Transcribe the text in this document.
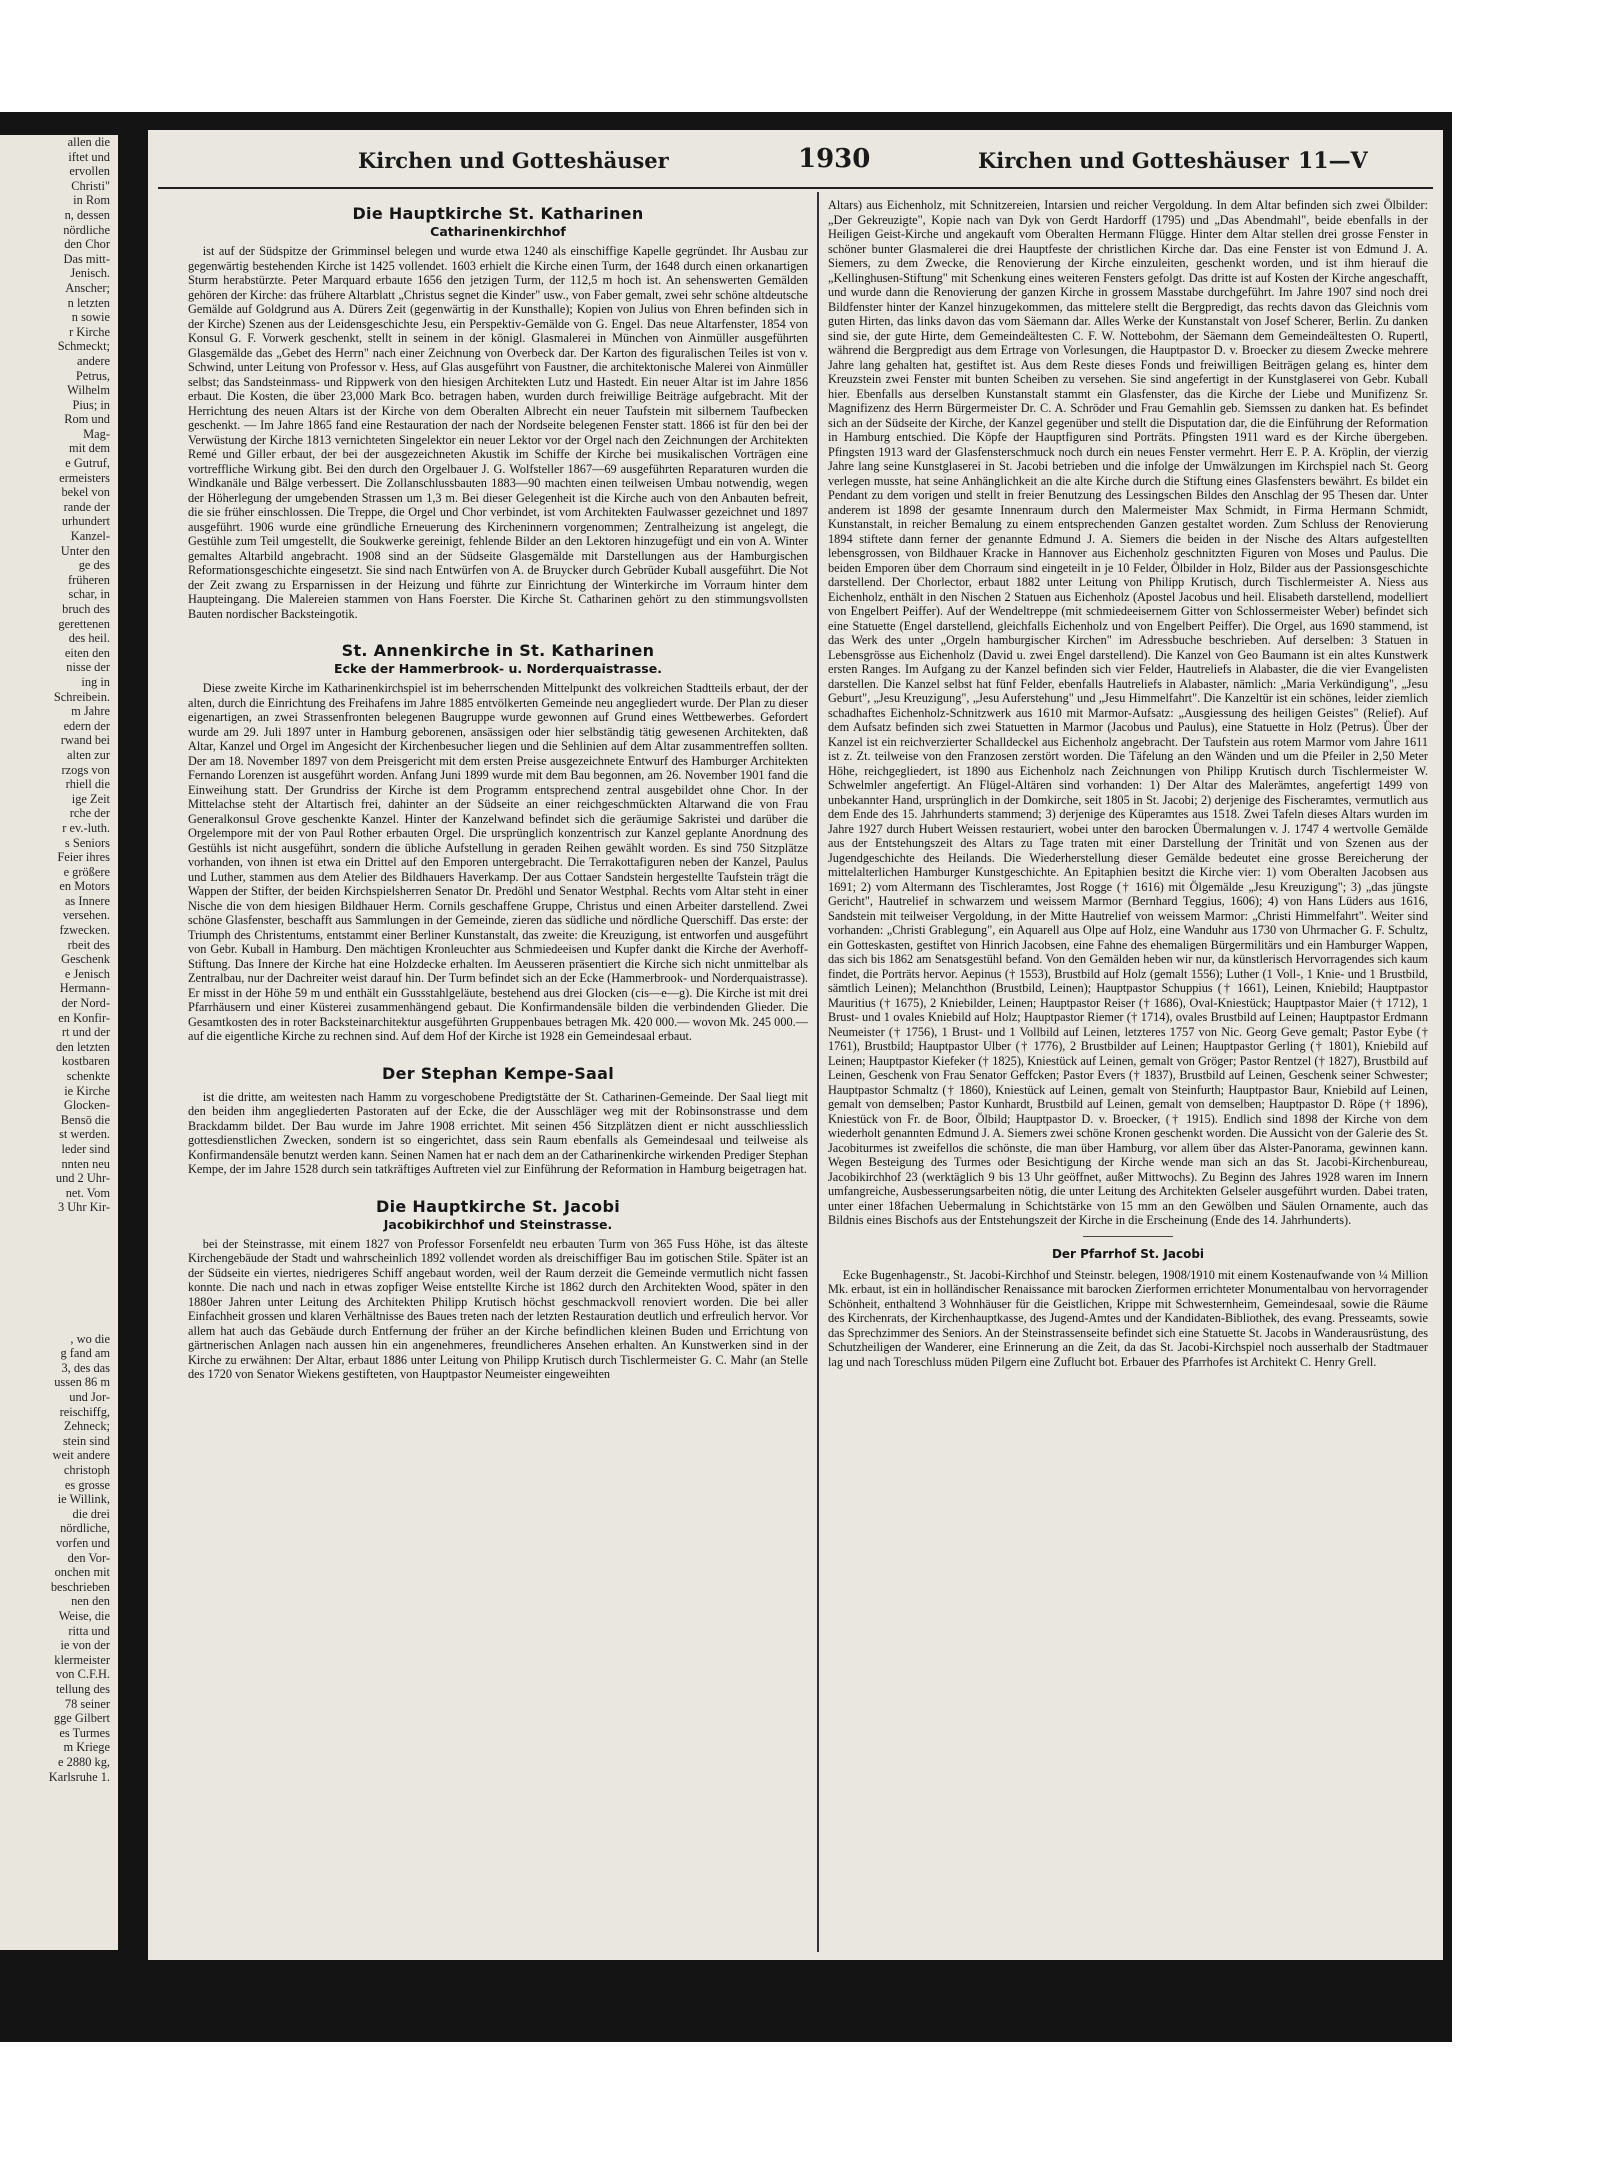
allen die
iftet und
ervollen
Christi"
in Rom
n, dessen
nördliche
den Chor
Das mitt-
Jenisch.
Anscher;
n letzten
n sowie
r Kirche
Schmeckt;
andere
Petrus,
Wilhelm
Pius; in
Rom und
Mag-
mit dem
e Gutruf,
ermeisters
bekel von
rande der
urhundert
Kanzel-
Unter den
ge des
früheren
schar, in
bruch des
gerettenen
des heil.
eiten den
nisse der
ing in
Schreibein.
m Jahre
edern der
rwand bei
alten zur
rzogs von
rhiell die
ige Zeit
rche der
r ev.-luth.
s Seniors
Feier ihres
e größere
en Motors
as Innere
versehen.
fzwecken.
rbeit des
Geschenk
e Jenisch
Hermann-
der Nord-
en Konfir-
rt und der
den letzten
kostbaren
schenkte
ie Kirche
Glocken-
Bensō die
st werden.
leder sind
nnten neu
und 2 Uhr-
net. Vom
3 Uhr Kir-

, wo die
g fand am
3, des das
ussen 86 m
und Jor-
reischiffg,
Zehneck;
stein sind
weit andere
christoph
es grosse
ie Willink,
die drei
nördliche,
vorfen und
den Vor-
onchen mit
beschrieben
nen den
Weise, die
ritta und
ie von der
klermeister
von C.F.H.
tellung des
78 seiner
gge Gilbert
es Turmes
m Kriege
e 2880 kg,
Karlsruhe 1.
Kirchen und Gotteshäuser	1930	Kirchen und Gotteshäuser 11—V
Die Hauptkirche St. Katharinen
Catharinenkirchhof

ist auf der Südspitze der Grimminsel belegen und wurde etwa 1240 als einschiffige Kapelle gegründet. Ihr Ausbau zur gegenwärtig bestehenden Kirche ist 1425 vollendet. 1603 erhielt die Kirche einen Turm, der 1648 durch einen orkanartigen Sturm herabstürzte. Peter Marquard erbaute 1656 den jetzigen Turm, der 112,5 m hoch ist. An sehenswerten Gemälden gehören der Kirche: das frühere Altarblatt „Christus segnet die Kinder" usw., von Faber gemalt, zwei sehr schöne altdeutsche Gemälde auf Goldgrund aus A. Dürers Zeit (gegenwärtig in der Kunsthalle); Kopien von Julius von Ehren befinden sich in der Kirche) Szenen aus der Leidensgeschichte Jesu, ein Perspektiv-Gemälde von G. Engel. Das neue Altarfenster, 1854 von Konsul G. F. Vorwerk geschenkt, stellt in seinem in der königl. Glasmalerei in München von Ainmüller ausgeführten Glasgemälde das „Gebet des Herrn" nach einer Zeichnung von Overbeck dar. Der Karton des figuralischen Teiles ist von v. Schwind, unter Leitung von Professor v. Hess, auf Glas ausgeführt von Faustner, die architektonische Malerei von Ainmüller selbst; das Sandsteinmass- und Rippwerk von den hiesigen Architekten Lutz und Hastedt. Ein neuer Altar ist im Jahre 1856 erbaut. Die Kosten, die über 23,000 Mark Bco. betragen haben, wurden durch freiwillige Beiträge aufgebracht. Mit der Herrichtung des neuen Altars ist der Kirche von dem Oberalten Albrecht ein neuer Taufstein mit silbernem Taufbecken geschenkt. — Im Jahre 1865 fand eine Restauration der nach der Nordseite belegenen Fenster statt. 1866 ist für den bei der Verwüstung der Kirche 1813 vernichteten Singelektor ein neuer Lektor vor der Orgel nach den Zeichnungen der Architekten Remé und Giller erbaut, der bei der ausgezeichneten Akustik im Schiffe der Kirche bei musikalischen Vorträgen eine vortreffliche Wirkung gibt. Bei den durch den Orgelbauer J. G. Wolfsteller 1867—69 ausgeführten Reparaturen wurden die Windkanäle und Bälge verbessert. Die Zollanschlussbauten 1883—90 machten einen teilweisen Umbau notwendig, wegen der Höherlegung der umgebenden Strassen um 1,3 m. Bei dieser Gelegenheit ist die Kirche auch von den Anbauten befreit, die sie früher einschlossen. Die Treppe, die Orgel und Chor verbindet, ist vom Architekten Faulwasser gezeichnet und 1897 ausgeführt. 1906 wurde eine gründliche Erneuerung des Kircheninnern vorgenommen; Zentralheizung ist angelegt, die Gestühle zum Teil umgestellt, die Soukwerke gereinigt, fehlende Bilder an den Lektoren hinzugefügt und ein von A. Winter gemaltes Altarbild angebracht. 1908 sind an der Südseite Glasgemälde mit Darstellungen aus der Hamburgischen Reformationsgeschichte eingesetzt. Sie sind nach Entwürfen von A. de Bruycker durch Gebrüder Kuball ausgeführt. Die Not der Zeit zwang zu Ersparnissen in der Heizung und führte zur Einrichtung der Winterkirche im Vorraum hinter dem Haupteingang. Die Malereien stammen von Hans Foerster. Die Kirche St. Catharinen gehört zu den stimmungsvollsten Bauten nordischer Backsteingotik.

St. Annenkirche in St. Katharinen
Ecke der Hammerbrook- u. Norderquaistrasse.

Diese zweite Kirche im Katharinenkirchspiel ist im beherrschenden Mittelpunkt des volkreichen Stadtteils erbaut, der der alten, durch die Einrichtung des Freihafens im Jahre 1885 entvölkerten Gemeinde neu angegliedert wurde. Der Plan zu dieser eigenartigen, an zwei Strassenfronten belegenen Baugruppe wurde gewonnen auf Grund eines Wettbewerbes. Gefordert wurde am 29. Juli 1897 unter in Hamburg geborenen, ansässigen oder hier selbständig tätig gewesenen Architekten, daß Altar, Kanzel und Orgel im Angesicht der Kirchenbesucher liegen und die Sehlinien auf dem Altar zusammentreffen sollten. Der am 18. November 1897 von dem Preisgericht mit dem ersten Preise ausgezeichnete Entwurf des Hamburger Architekten Fernando Lorenzen ist ausgeführt worden. Anfang Juni 1899 wurde mit dem Bau begonnen, am 26. November 1901 fand die Einweihung statt. Der Grundriss der Kirche ist dem Programm entsprechend zentral ausgebildet ohne Chor. In der Mittelachse steht der Altartisch frei, dahinter an der Südseite an einer reichgeschmückten Altarwand die von Frau Generalkonsul Grove geschenkte Kanzel. Hinter der Kanzelwand befindet sich die geräumige Sakristei und darüber die Orgelempore mit der von Paul Rother erbauten Orgel. Die ursprünglich konzentrisch zur Kanzel geplante Anordnung des Gestühls ist nicht ausgeführt, sondern die übliche Aufstellung in geraden Reihen gewählt worden. Es sind 750 Sitzplätze vorhanden, von ihnen ist etwa ein Drittel auf den Emporen untergebracht. Die Terrakottafiguren neben der Kanzel, Paulus und Luther, stammen aus dem Atelier des Bildhauers Haverkamp. Der aus Cottaer Sandstein hergestellte Taufstein trägt die Wappen der Stifter, der beiden Kirchspielsherren Senator Dr. Predöhl und Senator Westphal. Rechts vom Altar steht in einer Nische die von dem hiesigen Bildhauer Herm. Cornils geschaffene Gruppe, Christus und einen Arbeiter darstellend. Zwei schöne Glasfenster, beschafft aus Sammlungen in der Gemeinde, zieren das südliche und nördliche Querschiff. Das erste: der Triumph des Christentums, entstammt einer Berliner Kunstanstalt, das zweite: die Kreuzigung, ist entworfen und ausgeführt von Gebr. Kuball in Hamburg. Den mächtigen Kronleuchter aus Schmiedeeisen und Kupfer dankt die Kirche der Averhoff-Stiftung. Das Innere der Kirche hat eine Holzdecke erhalten. Im Aeusseren präsentiert die Kirche sich nicht unmittelbar als Zentralbau, nur der Dachreiter weist darauf hin. Der Turm befindet sich an der Ecke (Hammerbrook- und Norderquaistrasse). Er misst in der Höhe 59 m und enthält ein Gussstahlgeläute, bestehend aus drei Glocken (cis—e—g). Die Kirche ist mit drei Pfarrhäusern und einer Küsterei zusammenhängend gebaut. Die Konfirmandensäle bilden die verbindenden Glieder. Die Gesamtkosten des in roter Backsteinarchitektur ausgeführten Gruppenbaues betragen Mk. 420 000.— wovon Mk. 245 000.— auf die eigentliche Kirche zu rechnen sind. Auf dem Hof der Kirche ist 1928 ein Gemeindesaal erbaut.

Der Stephan Kempe-Saal

ist die dritte, am weitesten nach Hamm zu vorgeschobene Predigtstätte der St. Catharinen-Gemeinde. Der Saal liegt mit den beiden ihm angegliederten Pastoraten auf der Ecke, die der Ausschläger weg mit der Robinsonstrasse und dem Brackdamm bildet. Der Bau wurde im Jahre 1908 errichtet. Mit seinen 456 Sitzplätzen dient er nicht ausschliesslich gottesdienstlichen Zwecken, sondern ist so eingerichtet, dass sein Raum ebenfalls als Gemeindesaal und teilweise als Konfirmandensäle benutzt werden kann. Seinen Namen hat er nach dem an der Catharinenkirche wirkenden Prediger Stephan Kempe, der im Jahre 1528 durch sein tatkräftiges Auftreten viel zur Einführung der Reformation in Hamburg beigetragen hat.

Die Hauptkirche St. Jacobi
Jacobikirchhof und Steinstrasse.

bei der Steinstrasse, mit einem 1827 von Professor Forsenfeldt neu erbauten Turm von 365 Fuss Höhe, ist das älteste Kirchengebäude der Stadt und wahrscheinlich 1892 vollendet worden als dreischiffiger Bau im gotischen Stile. Später ist an der Südseite ein viertes, niedrigeres Schiff angebaut worden, weil der Raum derzeit die Gemeinde vermutlich nicht fassen konnte. Die nach und nach in etwas zopfiger Weise entstellte Kirche ist 1862 durch den Architekten Wood, später in den 1880er Jahren unter Leitung des Architekten Philipp Krutisch höchst geschmackvoll renoviert worden. Die bei aller Einfachheit grossen und klaren Verhältnisse des Baues treten nach der letzten Restauration deutlich und erfreulich hervor. Vor allem hat auch das Gebäude durch Entfernung der früher an der Kirche befindlichen kleinen Buden und Errichtung von gärtnerischen Anlagen nach aussen hin ein angenehmeres, freundlicheres Ansehen erhalten. An Kunstwerken sind in der Kirche zu erwähnen: Der Altar, erbaut 1886 unter Leitung von Philipp Krutisch durch Tischlermeister G. C. Mahr (an Stelle des 1720 von Senator Wiekens gestifteten, von Hauptpastor Neumeister eingeweihten

Altars) aus Eichenholz, mit Schnitzereien, Intarsien und reicher Vergoldung. In dem Altar befinden sich zwei Ölbilder: „Der Gekreuzigte", Kopie nach van Dyk von Gerdt Hardorff (1795) und „Das Abendmahl", beide ebenfalls in der Heiligen Geist-Kirche und angekauft vom Oberalten Hermann Flügge. Hinter dem Altar stellen drei grosse Fenster in schöner bunter Glasmalerei die drei Hauptfeste der christlichen Kirche dar. Das eine Fenster ist von Edmund J. A. Siemers, zu dem Zwecke, die Renovierung der Kirche einzuleiten, geschenkt worden, und ist ihm hierauf die „Kellinghusen-Stiftung" mit Schenkung eines weiteren Fensters gefolgt. Das dritte ist auf Kosten der Kirche angeschafft, und wurde dann die Renovierung der ganzen Kirche in grossem Masstabe durchgeführt. Im Jahre 1907 sind noch drei Bildfenster hinter der Kanzel hinzugekommen, das mittelere stellt die Bergpredigt, das rechts davon das Gleichnis vom guten Hirten, das links davon das vom Säemann dar. Alles Werke der Kunstanstalt von Josef Scherer, Berlin. Zu danken sind sie, der gute Hirte, dem Gemeindeältesten C. F. W. Nottebohm, der Säemann dem Gemeindeältesten O. Rupertl, während die Bergpredigt aus dem Ertrage von Vorlesungen, die Hauptpastor D. v. Broecker zu diesem Zwecke mehrere Jahre lang gehalten hat, gestiftet ist. Aus dem Reste dieses Fonds und freiwilligen Beiträgen gelang es, hinter dem Kreuzstein zwei Fenster mit bunten Scheiben zu versehen. Sie sind angefertigt in der Kunstglaserei von Gebr. Kuball hier. Ebenfalls aus derselben Kunstanstalt stammt ein Glasfenster, das die Kirche der Liebe und Munifizenz Sr. Magnifizenz des Herrn Bürgermeister Dr. C. A. Schröder und Frau Gemahlin geb. Siemssen zu danken hat. Es befindet sich an der Südseite der Kirche, der Kanzel gegenüber und stellt die Disputation dar, die die Einführung der Reformation in Hamburg entschied. Die Köpfe der Hauptfiguren sind Porträts. Pfingsten 1911 ward es der Kirche übergeben. Pfingsten 1913 ward der Glasfensterschmuck noch durch ein neues Fenster vermehrt. Herr E. P. A. Kröplin, der vierzig Jahre lang seine Kunstglaserei in St. Jacobi betrieben und die infolge der Umwälzungen im Kirchspiel nach St. Georg verlegen musste, hat seine Anhänglichkeit an die alte Kirche durch die Stiftung eines Glasfensters bewährt. Es bildet ein Pendant zu dem vorigen und stellt in freier Benutzung des Lessingschen Bildes den Anschlag der 95 Thesen dar. Unter anderem ist 1898 der gesamte Innenraum durch den Malermeister Max Schmidt, in Firma Hermann Schmidt, Kunstanstalt, in reicher Bemalung zu einem entsprechenden Ganzen gestaltet worden. Zum Schluss der Renovierung 1894 stiftete dann ferner der genannte Edmund J. A. Siemers die beiden in der Nische des Altars aufgestellten lebensgrossen, von Bildhauer Kracke in Hannover aus Eichenholz geschnitzten Figuren von Moses und Paulus. Die beiden Emporen über dem Chorraum sind eingeteilt in je 10 Felder, Ölbilder in Holz, Bilder aus der Passionsgeschichte darstellend. Der Chorlector, erbaut 1882 unter Leitung von Philipp Krutisch, durch Tischlermeister A. Niess aus Eichenholz, enthält in den Nischen 2 Statuen aus Eichenholz (Apostel Jacobus und heil. Elisabeth darstellend, modelliert von Engelbert Peiffer). Auf der Wendeltreppe (mit schmiedeeisernem Gitter von Schlossermeister Weber) befindet sich eine Statuette (Engel darstellend, gleichfalls Eichenholz und von Engelbert Peiffer). Die Orgel, aus 1690 stammend, ist das Werk des unter „Orgeln hamburgischer Kirchen" im Adressbuche beschrieben. Auf derselben: 3 Statuen in Lebensgrösse aus Eichenholz (David u. zwei Engel darstellend). Die Kanzel von Geo Baumann ist ein altes Kunstwerk ersten Ranges. Im Aufgang zu der Kanzel befinden sich vier Felder, Hautreliefs in Alabaster, die die vier Evangelisten darstellen. Die Kanzel selbst hat fünf Felder, ebenfalls Hautreliefs in Alabaster, nämlich: „Maria Verkündigung", „Jesu Geburt", „Jesu Kreuzigung", „Jesu Auferstehung" und „Jesu Himmelfahrt". Die Kanzeltür ist ein schönes, leider ziemlich schadhaftes Eichenholz-Schnitzwerk aus 1610 mit Marmor-Aufsatz: „Ausgiessung des heiligen Geistes" (Relief). Auf dem Aufsatz befinden sich zwei Statuetten in Marmor (Jacobus und Paulus), eine Statuette in Holz (Petrus). Über der Kanzel ist ein reichverzierter Schalldeckel aus Eichenholz angebracht. Der Taufstein aus rotem Marmor vom Jahre 1611 ist z. Zt. teilweise von den Franzosen zerstört worden. Die Täfelung an den Wänden und um die Pfeiler in 2,50 Meter Höhe, reichgegliedert, ist 1890 aus Eichenholz nach Zeichnungen von Philipp Krutisch durch Tischlermeister W. Schwelmler angefertigt. An Flügel-Altären sind vorhanden: 1) Der Altar des Malerämtes, angefertigt 1499 von unbekannter Hand, ursprünglich in der Domkirche, seit 1805 in St. Jacobi; 2) derjenige des Fischeramtes, vermutlich aus dem Ende des 15. Jahrhunderts stammend; 3) derjenige des Küperamtes aus 1518. Zwei Tafeln dieses Altars wurden im Jahre 1927 durch Hubert Weissen restauriert, wobei unter den barocken Übermalungen v. J. 1747 4 wertvolle Gemälde aus der Entstehungszeit des Altars zu Tage traten mit einer Darstellung der Trinität und von Szenen aus der Jugendgeschichte des Heilands. Die Wiederherstellung dieser Gemälde bedeutet eine grosse Bereicherung der mittelalterlichen Hamburger Kunstgeschichte. An Epitaphien besitzt die Kirche vier: 1) vom Oberalten Jacobsen aus 1691; 2) vom Altermann des Tischleramtes, Jost Rogge († 1616) mit Ölgemälde „Jesu Kreuzigung"; 3) „das jüngste Gericht", Hautrelief in schwarzem und weissem Marmor (Bernhard Teggius, 1606); 4) von Hans Lüders aus 1616, Sandstein mit teilweiser Vergoldung, in der Mitte Hautrelief von weissem Marmor: „Christi Himmelfahrt". Weiter sind vorhanden: „Christi Grablegung", ein Aquarell aus Olpe auf Holz, eine Wanduhr aus 1730 von Uhrmacher G. F. Schultz, ein Gotteskasten, gestiftet von Hinrich Jacobsen, eine Fahne des ehemaligen Bürgermilitärs und ein Hamburger Wappen, das sich bis 1862 am Senatsgestühl befand. Von den Gemälden heben wir nur, da künstlerisch Hervorragendes sich kaum findet, die Porträts hervor. Aepinus († 1553), Brustbild auf Holz (gemalt 1556); Luther (1 Voll-, 1 Knie- und 1 Brustbild, sämtlich Leinen); Melanchthon (Brustbild, Leinen); Hauptpastor Schuppius († 1661), Leinen, Kniebild; Hauptpastor Mauritius († 1675), 2 Kniebilder, Leinen; Hauptpastor Reiser († 1686), Oval-Kniestück; Hauptpastor Maier († 1712), 1 Brust- und 1 ovales Kniebild auf Holz; Hauptpastor Riemer († 1714), ovales Brustbild auf Leinen; Hauptpastor Erdmann Neumeister († 1756), 1 Brust- und 1 Vollbild auf Leinen, letzteres 1757 von Nic. Georg Geve gemalt; Pastor Eybe († 1761), Brustbild; Hauptpastor Ulber († 1776), 2 Brustbilder auf Leinen; Hauptpastor Gerling († 1801), Kniebild auf Leinen; Hauptpastor Kiefeker († 1825), Kniestück auf Leinen, gemalt von Gröger; Pastor Rentzel († 1827), Brustbild auf Leinen, Geschenk von Frau Senator Geffcken; Pastor Evers († 1837), Brustbild auf Leinen, Geschenk seiner Schwester; Hauptpastor Schmaltz († 1860), Kniestück auf Leinen, gemalt von Steinfurth; Hauptpastor Baur, Kniebild auf Leinen, gemalt von demselben; Pastor Kunhardt, Brustbild auf Leinen, gemalt von demselben; Hauptpastor D. Röpe († 1896), Kniestück von Fr. de Boor, Ölbild; Hauptpastor D. v. Broecker, († 1915). Endlich sind 1898 der Kirche von dem wiederholt genannten Edmund J. A. Siemers zwei schöne Kronen geschenkt worden. Die Aussicht von der Galerie des St. Jacobiturmes ist zweifellos die schönste, die man über Hamburg, vor allem über das Alster-Panorama, gewinnen kann. Wegen Besteigung des Turmes oder Besichtigung der Kirche wende man sich an das St. Jacobi-Kirchenbureau, Jacobikirchhof 23 (werktäglich 9 bis 13 Uhr geöffnet, außer Mittwochs). Zu Beginn des Jahres 1928 waren im Innern umfangreiche, Ausbesserungsarbeiten nötig, die unter Leitung des Architekten Gelseler ausgeführt wurden. Dabei traten, unter einer 18fachen Uebermalung in Schichtstärke von 15 mm an den Gewölben und Säulen Ornamente, auch das Bildnis eines Bischofs aus der Entstehungszeit der Kirche in die Erscheinung (Ende des 14. Jahrhunderts).

Der Pfarrhof St. Jacobi

Ecke Bugenhagenstr., St. Jacobi-Kirchhof und Steinstr. belegen, 1908/1910 mit einem Kostenaufwande von ¼ Million Mk. erbaut, ist ein in holländischer Renaissance mit barocken Zierformen errichteter Monumentalbau von hervorragender Schönheit, enthaltend 3 Wohnhäuser für die Geistlichen, Krippe mit Schwesternheim, Gemeindesaal, sowie die Räume des Kirchenrats, der Kirchenhauptkasse, des Jugend-Amtes und der Kandidaten-Bibliothek, des evang. Presseamts, sowie das Sprechzimmer des Seniors. An der Steinstrassenseite befindet sich eine Statuette St. Jacobs in Wanderausrüstung, des Schutzheiligen der Wanderer, eine Erinnerung an die Zeit, da das St. Jacobi-Kirchspiel noch ausserhalb der Stadtmauer lag und nach Toreschluss müden Pilgern eine Zuflucht bot. Erbauer des Pfarrhofes ist Architekt C. Henry Grell.
